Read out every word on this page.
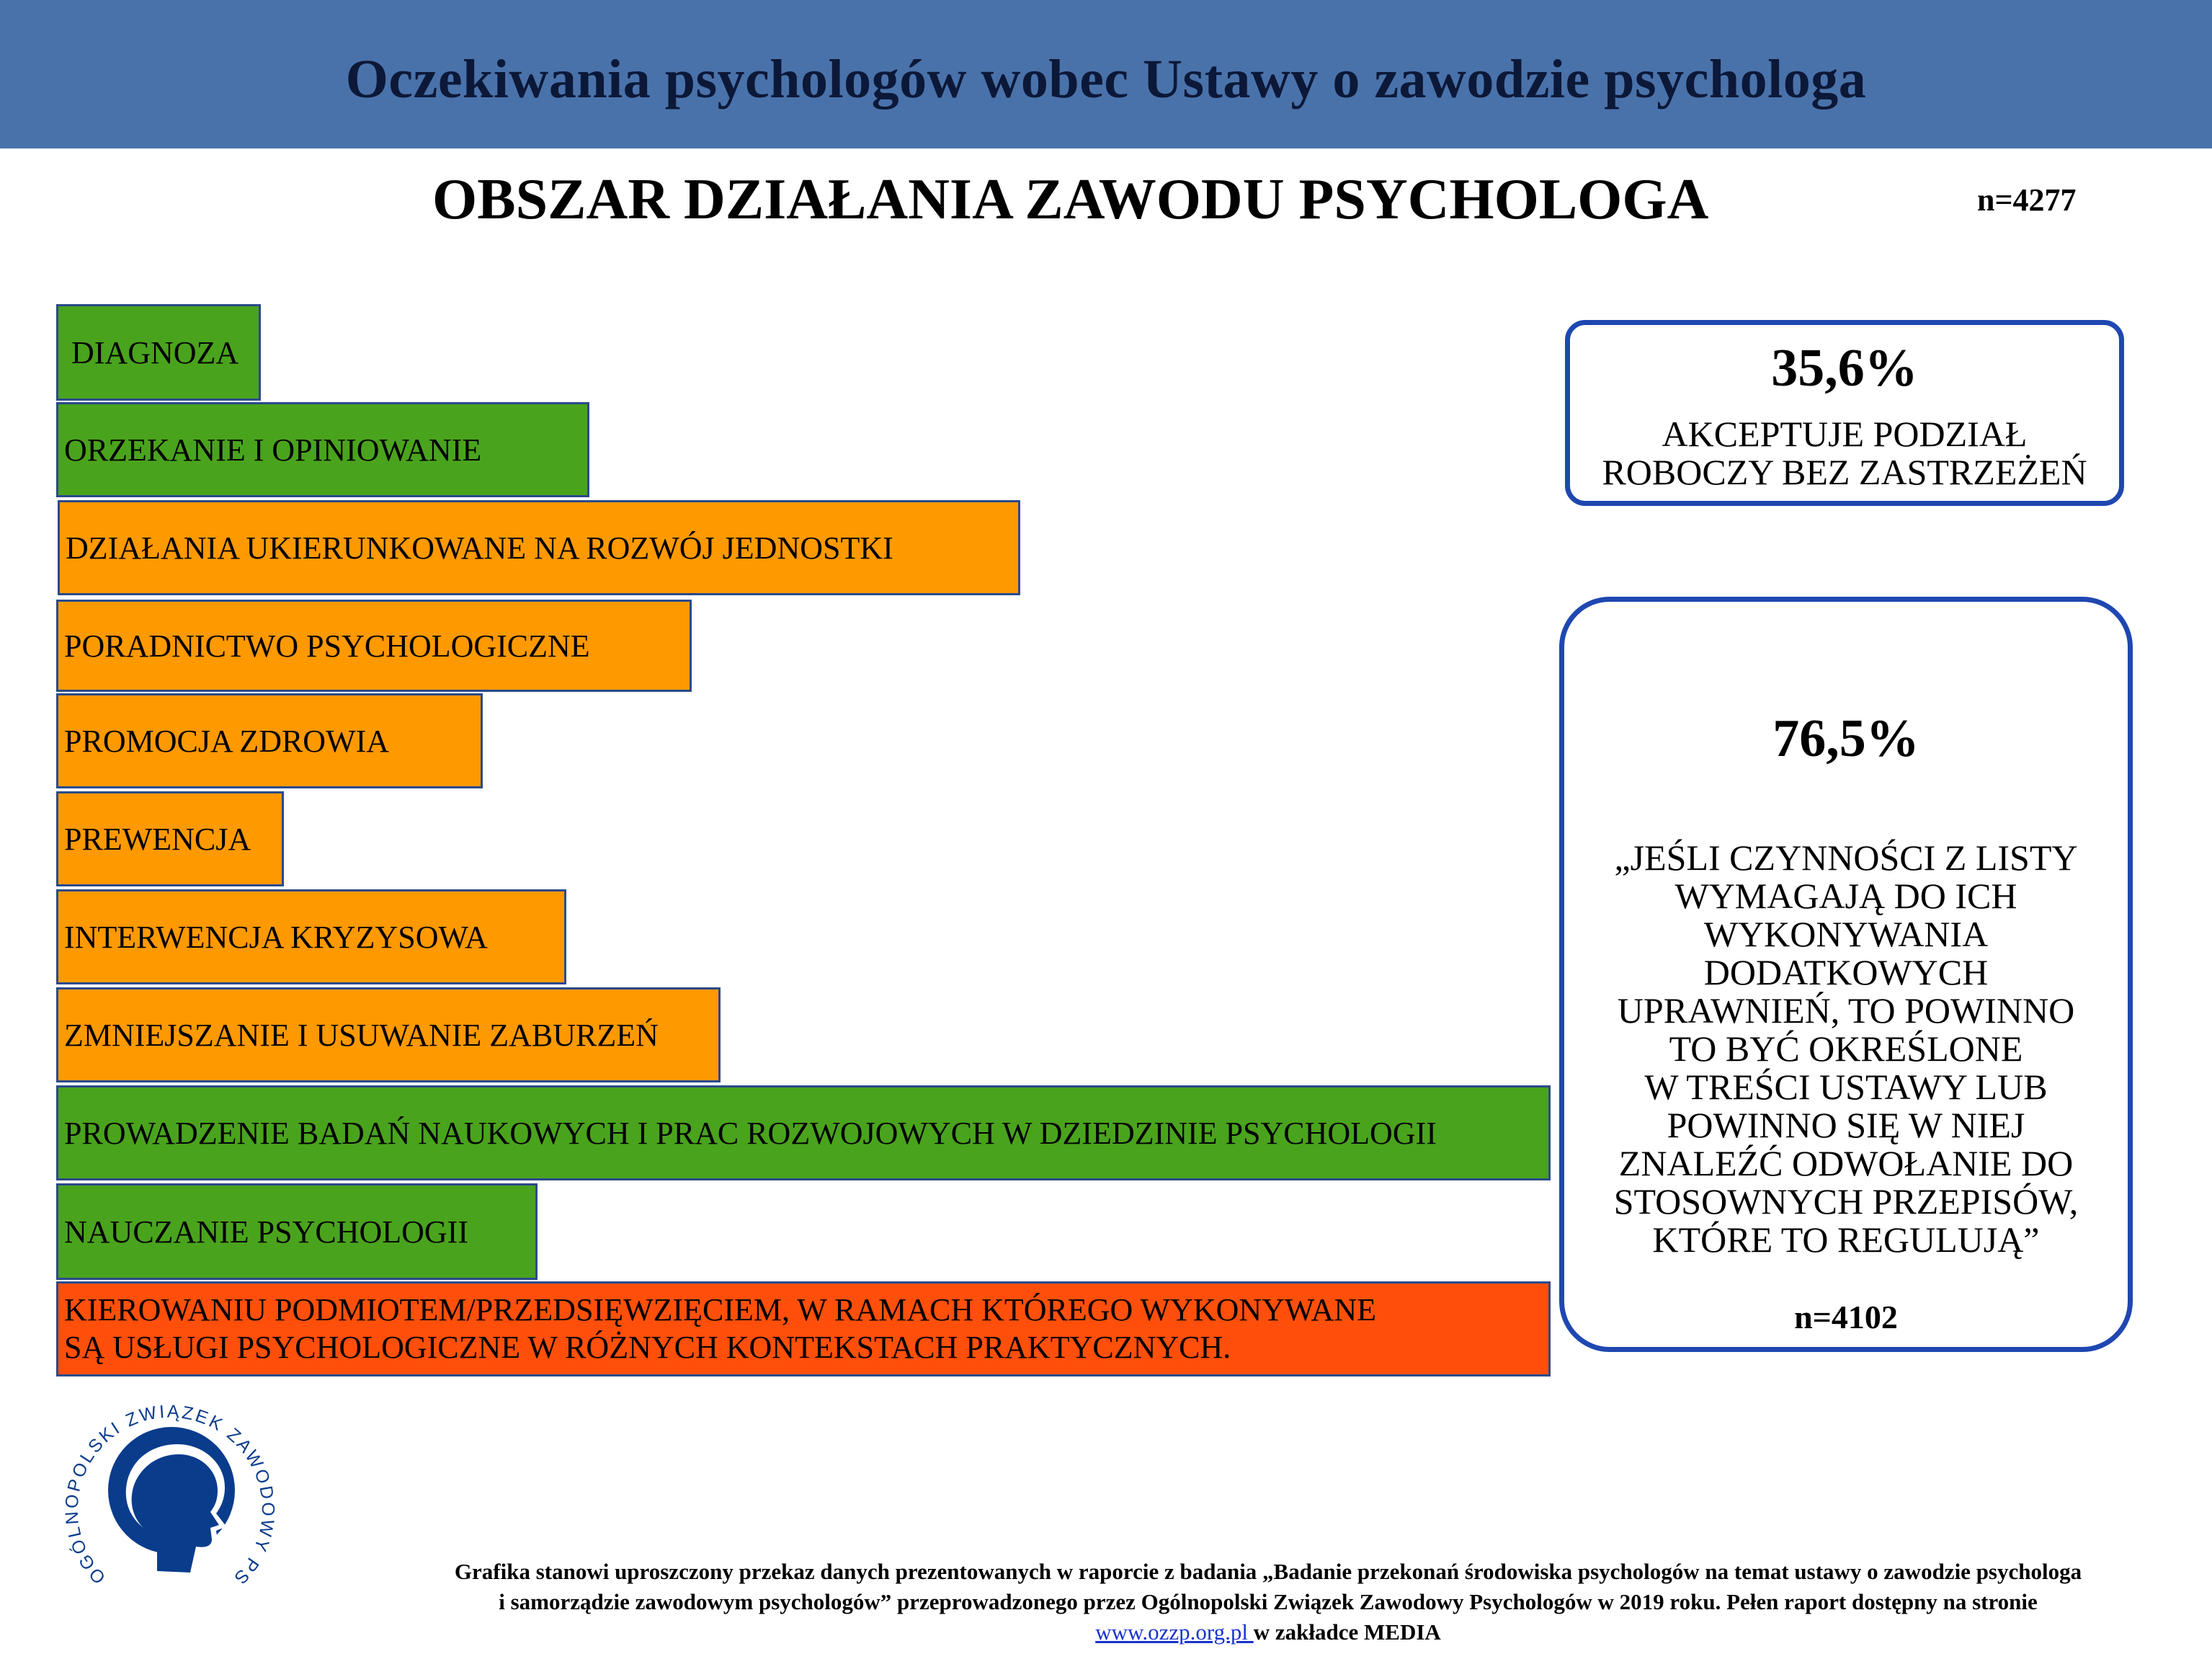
Oczekiwania psychologów wobec Ustawy o zawodzie psychologa
OBSZAR DZIAŁANIA ZAWODU PSYCHOLOGA	n=4277
DIAGNOZA
ORZEKANIE I OPINIOWANIE
DZIAŁANIA UKIERUNKOWANE NA ROZWÓJ JEDNOSTKI
PORADNICTWO PSYCHOLOGICZNE
PROMOCJA ZDROWIA
PREWENCJA
INTERWENCJA KRYZYSOWA
ZMNIEJSZANIE I USUWANIE ZABURZEŃ
PROWADZENIE BADAŃ NAUKOWYCH I PRAC ROZWOJOWYCH W DZIEDZINIE PSYCHOLOGII
NAUCZANIE PSYCHOLOGII
KIEROWANIU PODMIOTEM/PRZEDSIĘWZIĘCIEM, W RAMACH KTÓREGO WYKONYWANE
SĄ USŁUGI PSYCHOLOGICZNE W RÓŻNYCH KONTEKSTACH PRAKTYCZNYCH.
35,6%
AKCEPTUJE PODZIAŁ
ROBOCZY BEZ ZASTRZEŻEŃ
76,5%
„JEŚLI CZYNNOŚCI Z LISTY
WYMAGAJĄ DO ICH
WYKONYWANIA
DODATKOWYCH
UPRAWNIEŃ, TO POWINNO
TO BYĆ OKREŚLONE
W TREŚCI USTAWY LUB
POWINNO SIĘ W NIEJ
ZNALEŹĆ ODWOŁANIE DO
STOSOWNYCH PRZEPISÓW,
KTÓRE TO REGULUJĄ”
n=4102
OGÓLNOPOLSKI ZWIĄZEK ZAWODOWY PS	Grafika stanowi uproszczony przekaz danych prezentowanych w raporcie z badania „Badanie przekonań środowiska psychologów na temat ustawy o zawodzie psychologa
i samorządzie zawodowym psychologów” przeprowadzonego przez Ogólnopolski Związek Zawodowy Psychologów w 2019 roku. Pełen raport dostępny na stronie
www.ozzp.org.pl w zakładce MEDIA
